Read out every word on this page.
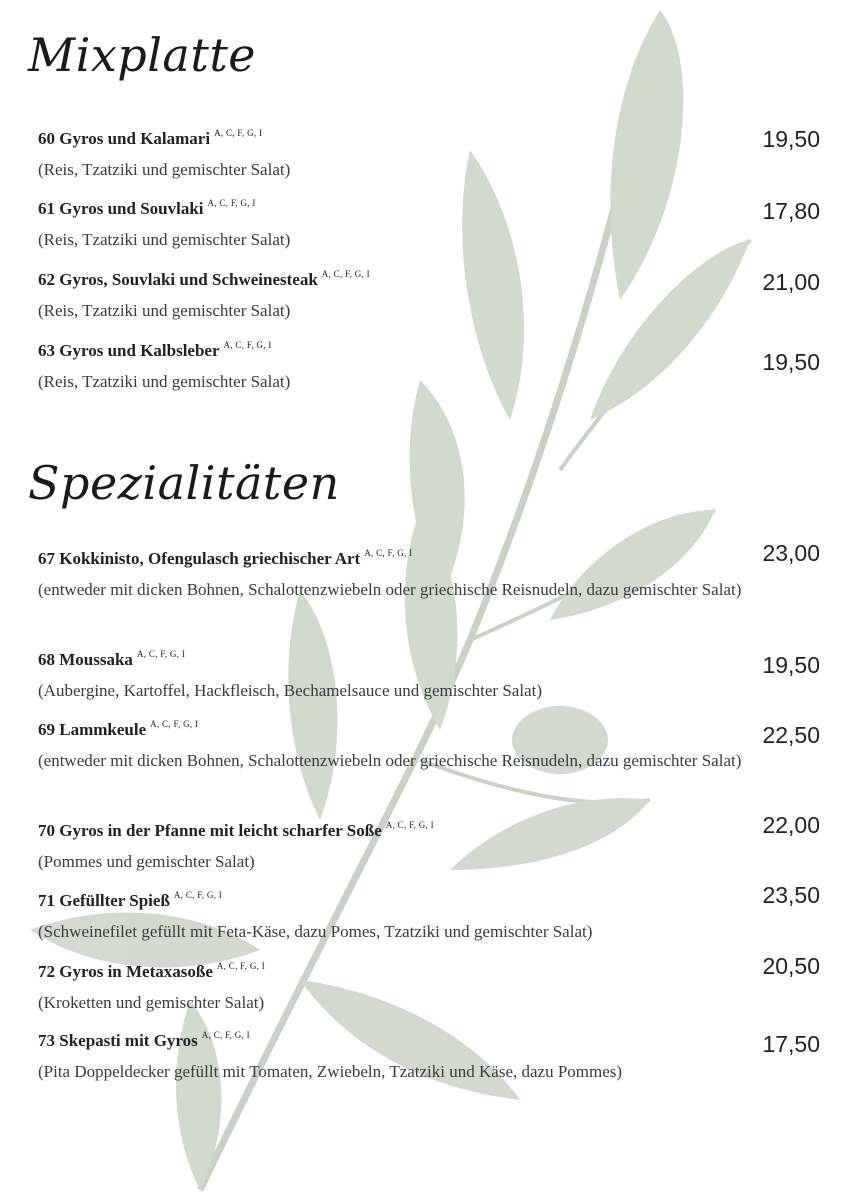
Mixplatte
60 Gyros und Kalamari $^{A, C, F, G, I}$
(Reis, Tzatziki und gemischter Salat)
19,50
61 Gyros und Souvlaki $^{A, C, F, G, I}$
(Reis, Tzatziki und gemischter Salat)
17,80
62 Gyros, Souvlaki und Schweinesteak $^{A, C, F, G, I}$
(Reis, Tzatziki und gemischter Salat)
21,00
63 Gyros und Kalbsleber $^{A, C, F, G, I}$
(Reis, Tzatziki und gemischter Salat)
19,50
Spezialitäten
67 Kokkinisto, Ofengulasch griechischer Art $^{A, C, F, G, I}$
(entweder mit dicken Bohnen, Schalottenzwiebeln oder griechische Reisnudeln, dazu gemischter Salat)
23,00
68 Moussaka $^{A, C, F, G, I}$
(Aubergine, Kartoffel, Hackfleisch, Bechamelsauce und gemischter Salat)
19,50
69 Lammkeule $^{A, C, F, G, I}$
(entweder mit dicken Bohnen, Schalottenzwiebeln oder griechische Reisnudeln, dazu gemischter Salat)
22,50
70 Gyros in der Pfanne mit leicht scharfer Soße $^{A, C, F, G, I}$
(Pommes und gemischter Salat)
22,00
71 Gefüllter Spieß $^{A, C, F, G, I}$
(Schweinefilet gefüllt mit Feta-Käse, dazu Pomes, Tzatziki und gemischter Salat)
23,50
72 Gyros in Metaxasoße $^{A, C, F, G, I}$
(Kroketten und gemischter Salat)
20,50
73 Skepasti mit Gyros $^{A, C, F, G, I}$
(Pita Doppeldecker gefüllt mit Tomaten, Zwiebeln, Tzatziki und Käse, dazu Pommes)
17,50
